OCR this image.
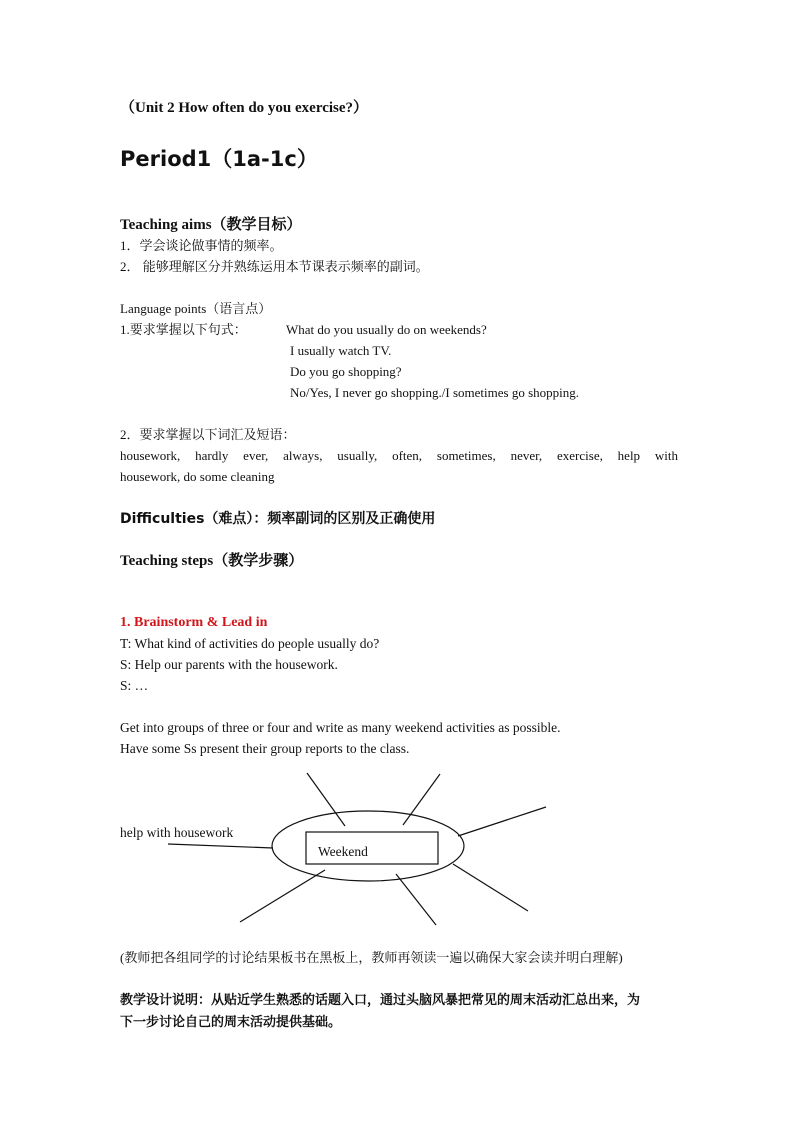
（Unit 2 How often do you exercise?）
Period1（1a-1c）
Teaching aims（教学目标）
1．学会谈论做事情的频率。
2． 能够理解区分并熟练运用本节课表示频率的副词。
Language points（语言点）
1.要求掌握以下句式：	What do you usually do on weekends?
I usually watch TV.
Do you go shopping?
No/Yes, I never go shopping./I sometimes go shopping.
2．要求掌握以下词汇及短语：
housework, hardly ever, always, usually, often, sometimes, never, exercise, help with
housework, do some cleaning
Difficulties（难点）：频率副词的区别及正确使用
Teaching steps（教学步骤）
1. Brainstorm & Lead in
T: What kind of activities do people usually do?
S: Help our parents with the housework.
S: …
Get into groups of three or four and write as many weekend activities as possible.
Have some Ss present their group reports to the class.
help with housework
Weekend
(教师把各组同学的讨论结果板书在黑板上，教师再领读一遍以确保大家会读并明白理解)
教学设计说明：从贴近学生熟悉的话题入口，通过头脑风暴把常见的周末活动汇总出来，为
下一步讨论自己的周末活动提供基础。
